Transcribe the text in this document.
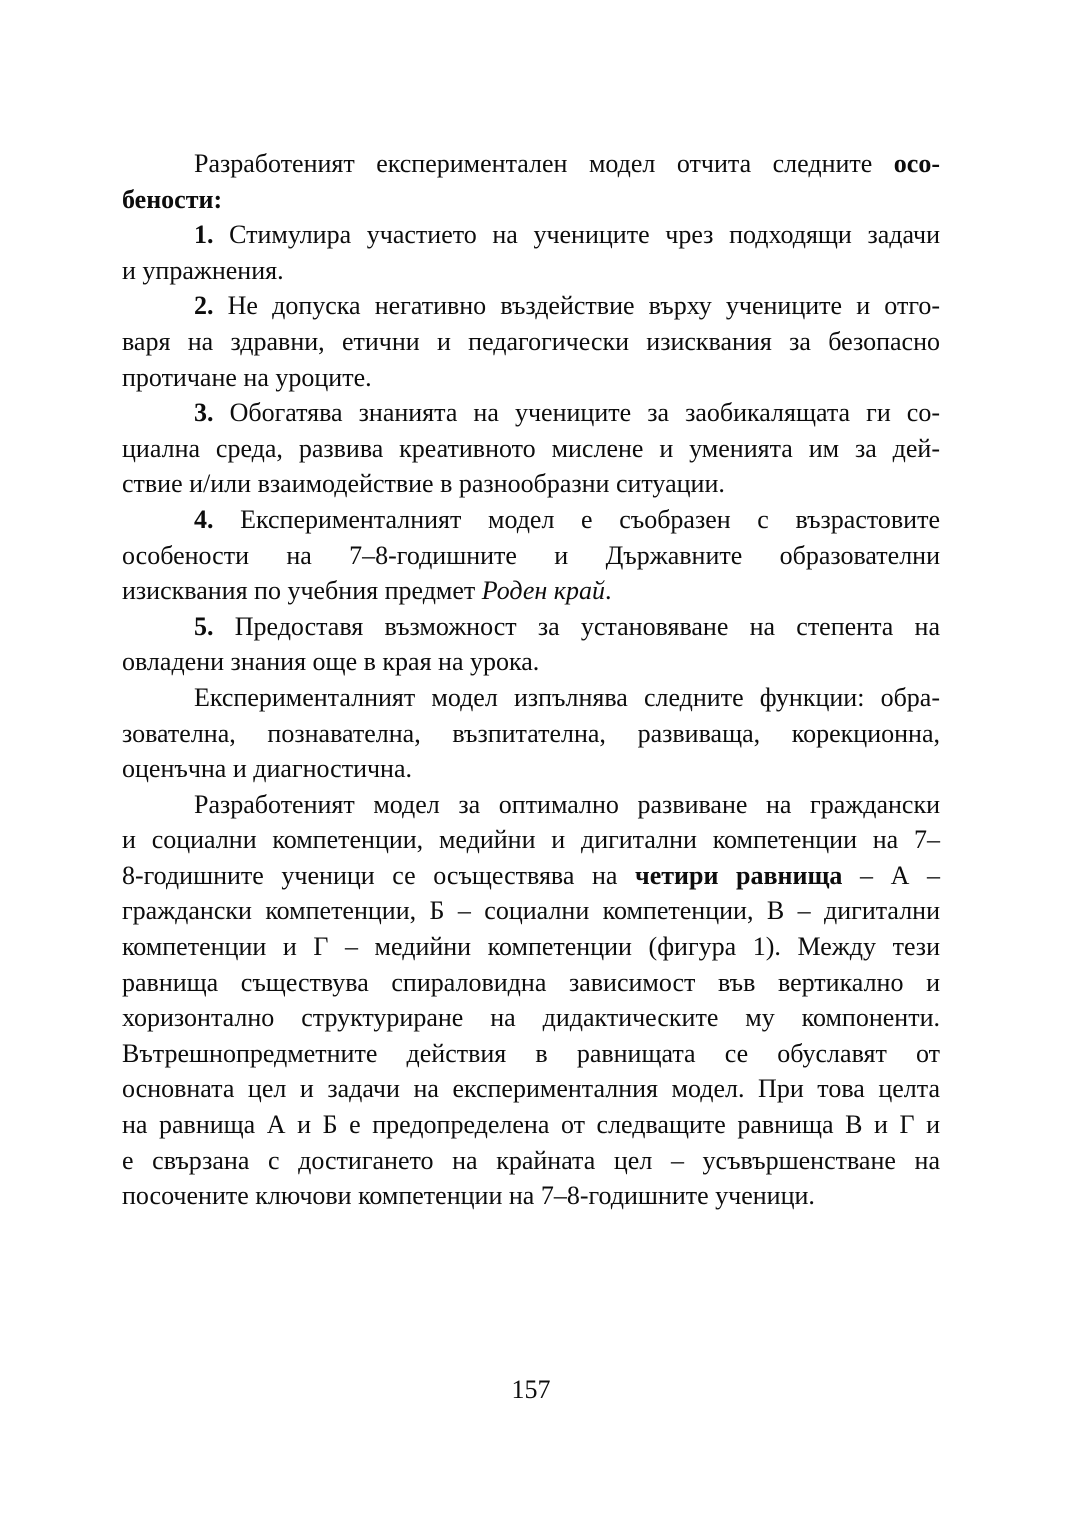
Разработеният експериментален модел отчита следните осо-
бености:
1. Стимулира участието на учениците чрез подходящи задачи
и упражнения.
2. Не допуска негативно въздействие върху учениците и отго-
варя на здравни, етични и педагогически изисквания за безопасно
протичане на уроците.
3. Обогатява знанията на учениците за заобикалящата ги со-
циална среда, развива креативното мислене и уменията им за дей-
ствие и/или взаимодействие в разнообразни ситуации.
4. Експерименталният модел е съобразен с възрастовите
особености на 7–8-годишните и Държавните образователни
изисквания по учебния предмет Роден край.
5. Предоставя възможност за установяване на степента на
овладени знания още в края на урока.
Експерименталният модел изпълнява следните функции: обра-
зователна, познавателна, възпитателна, развиваща, корекционна,
оценъчна и диагностична.
Разработеният модел за оптимално развиване на граждански
и социални компетенции, медийни и дигитални компетенции на 7–
8-годишните ученици се осъществява на четири равнища – А –
граждански компетенции, Б – социални компетенции, В – дигитални
компетенции и Г – медийни компетенции (фигура 1). Между тези
равнища съществува спираловидна зависимост във вертикално и
хоризонтално структуриране на дидактическите му компоненти.
Вътрешнопредметните действия в равнищата се обуславят от
основната цел и задачи на експерименталния модел. При това целта
на равнища А и Б е предопределена от следващите равнища В и Г и
е свързана с достигането на крайната цел – усъвършенстване на
посочените ключови компетенции на 7–8-годишните ученици.
157
